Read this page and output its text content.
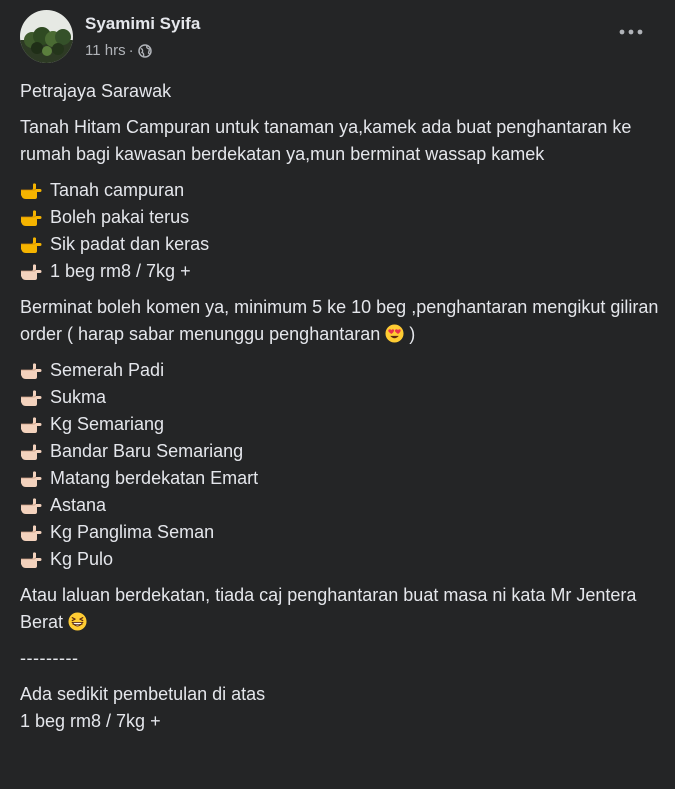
Syamimi Syifa
11 hrs ·

Petrajaya Sarawak

Tanah Hitam Campuran untuk tanaman ya,kamek ada buat penghantaran ke rumah bagi kawasan berdekatan ya,mun berminat wassap kamek

Tanah campuran
Boleh pakai terus
Sik padat dan keras
1 beg rm8 / 7kg +

Berminat boleh komen ya, minimum 5 ke 10 beg ,penghantaran mengikut giliran order ( harap sabar menunggu penghantaran )

Semerah Padi
Sukma
Kg Semariang
Bandar Baru Semariang
Matang berdekatan Emart
Astana
Kg Panglima Seman
Kg Pulo

Atau laluan berdekatan, tiada caj penghantaran buat masa ni kata Mr Jentera Berat

---------

Ada sedikit pembetulan di atas
1 beg rm8 / 7kg +
